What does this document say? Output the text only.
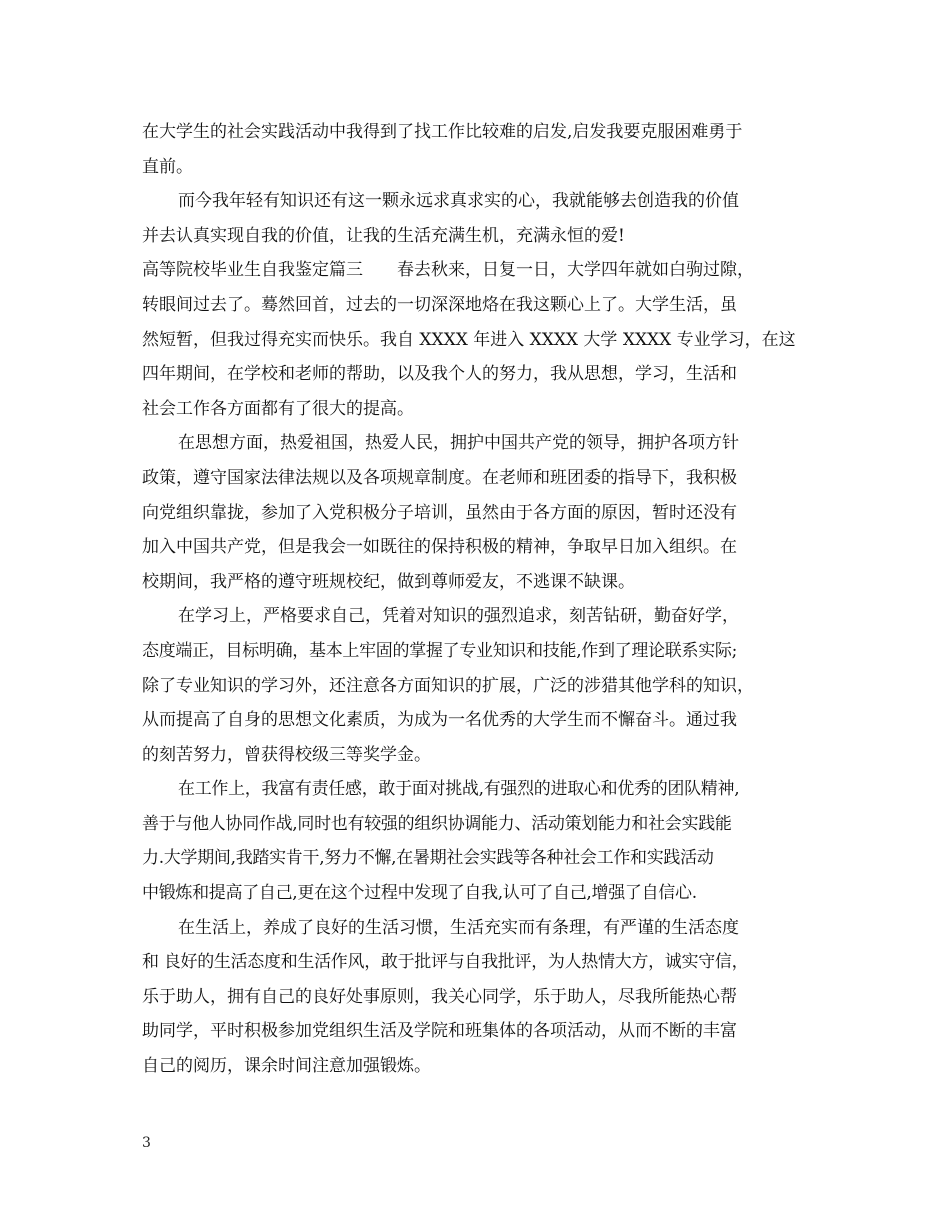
在大学生的社会实践活动中我得到了找工作比较难的启发,启发我要克服困难勇于
直前。
而今我年轻有知识还有这一颗永远求真求实的心，我就能够去创造我的价值
并去认真实现自我的价值，让我的生活充满生机，充满永恒的爱!
高等院校毕业生自我鉴定篇三　　春去秋来，日复一日，大学四年就如白驹过隙，
转眼间过去了。蓦然回首，过去的一切深深地烙在我这颗心上了。大学生活，虽
然短暂，但我过得充实而快乐。我自 XXXX 年进入 XXXX 大学 XXXX 专业学习，在这
四年期间，在学校和老师的帮助，以及我个人的努力，我从思想，学习，生活和
社会工作各方面都有了很大的提高。
在思想方面，热爱祖国，热爱人民，拥护中国共产党的领导，拥护各项方针
政策，遵守国家法律法规以及各项规章制度。在老师和班团委的指导下，我积极
向党组织靠拢，参加了入党积极分子培训，虽然由于各方面的原因，暂时还没有
加入中国共产党，但是我会一如既往的保持积极的精神，争取早日加入组织。在
校期间，我严格的遵守班规校纪，做到尊师爱友，不逃课不缺课。
在学习上，严格要求自己，凭着对知识的强烈追求，刻苦钻研，勤奋好学，
态度端正，目标明确，基本上牢固的掌握了专业知识和技能,作到了理论联系实际;
除了专业知识的学习外，还注意各方面知识的扩展，广泛的涉猎其他学科的知识，
从而提高了自身的思想文化素质，为成为一名优秀的大学生而不懈奋斗。通过我
的刻苦努力，曾获得校级三等奖学金。
在工作上，我富有责任感，敢于面对挑战,有强烈的进取心和优秀的团队精神,
善于与他人协同作战,同时也有较强的组织协调能力、活动策划能力和社会实践能
力.大学期间,我踏实肯干,努力不懈,在暑期社会实践等各种社会工作和实践活动
中锻炼和提高了自己,更在这个过程中发现了自我,认可了自己,增强了自信心.
在生活上，养成了良好的生活习惯，生活充实而有条理，有严谨的生活态度
和 良好的生活态度和生活作风，敢于批评与自我批评，为人热情大方，诚实守信，
乐于助人，拥有自己的良好处事原则，我关心同学，乐于助人，尽我所能热心帮
助同学，平时积极参加党组织生活及学院和班集体的各项活动，从而不断的丰富
自己的阅历，课余时间注意加强锻炼。
3
